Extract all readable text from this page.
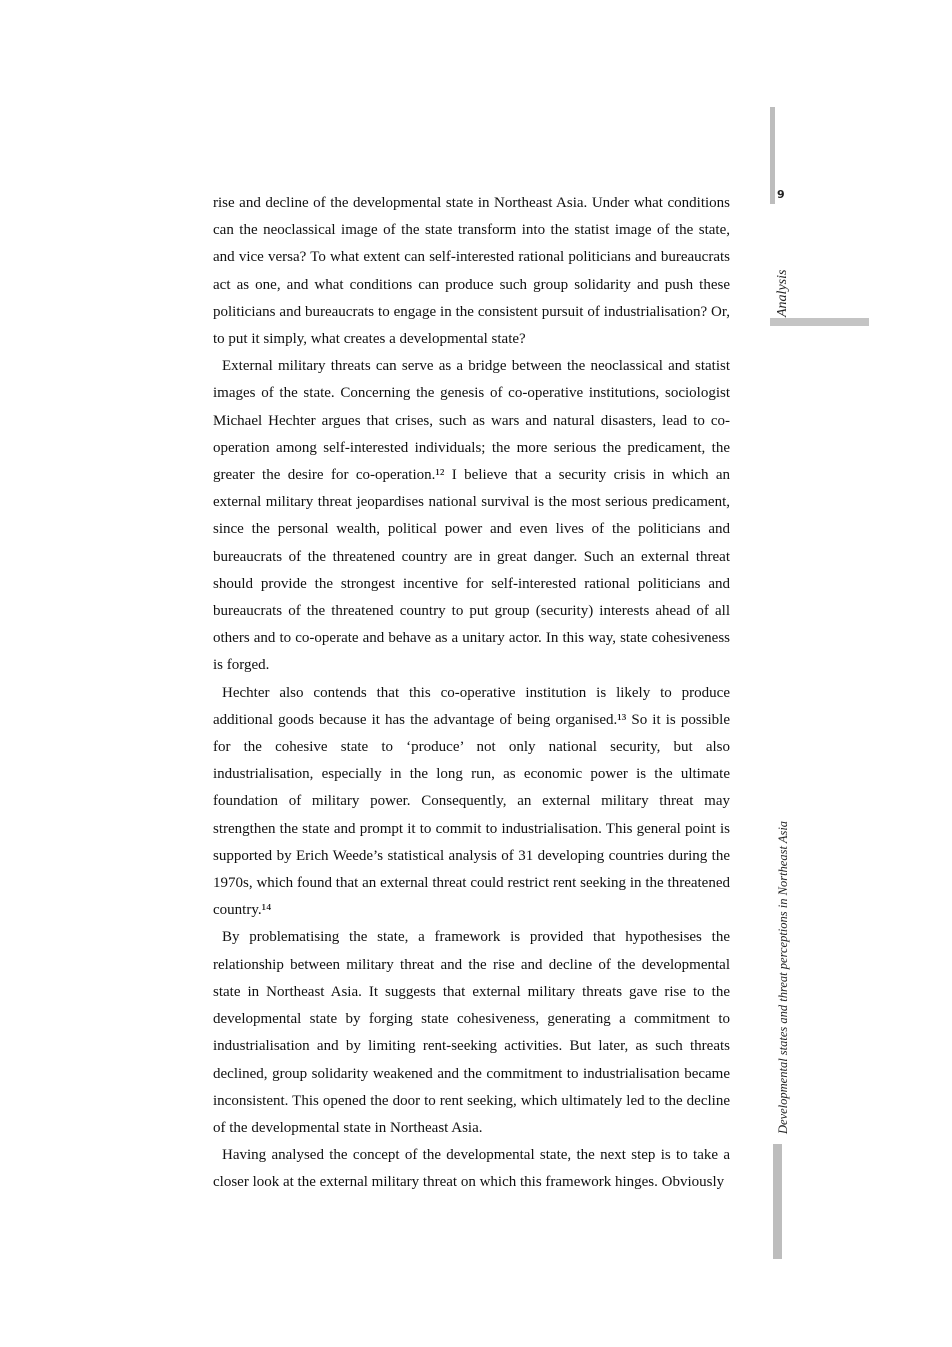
9
Analysis
Developmental states and threat perceptions in Northeast Asia

rise and decline of the developmental state in Northeast Asia. Under what conditions can the neoclassical image of the state transform into the statist image of the state, and vice versa? To what extent can self-interested rational politicians and bureaucrats act as one, and what conditions can produce such group solidarity and push these politicians and bureaucrats to engage in the consistent pursuit of industrialisation? Or, to put it simply, what creates a developmental state?

External military threats can serve as a bridge between the neoclassical and statist images of the state. Concerning the genesis of co-operative institutions, sociologist Michael Hechter argues that crises, such as wars and natural disasters, lead to co-operation among self-interested individuals; the more serious the predicament, the greater the desire for co-operation.¹² I believe that a security crisis in which an external military threat jeopardises national survival is the most serious predicament, since the personal wealth, political power and even lives of the politicians and bureaucrats of the threatened country are in great danger. Such an external threat should provide the strongest incentive for self-interested rational politicians and bureaucrats of the threatened country to put group (security) interests ahead of all others and to co-operate and behave as a unitary actor. In this way, state cohesiveness is forged.

Hechter also contends that this co-operative institution is likely to produce additional goods because it has the advantage of being organised.¹³ So it is possible for the cohesive state to ‘produce’ not only national security, but also industrialisation, especially in the long run, as economic power is the ultimate foundation of military power. Consequently, an external military threat may strengthen the state and prompt it to commit to industrialisation. This general point is supported by Erich Weede’s statistical analysis of 31 developing countries during the 1970s, which found that an external threat could restrict rent seeking in the threatened country.¹⁴

By problematising the state, a framework is provided that hypothesises the relationship between military threat and the rise and decline of the developmental state in Northeast Asia. It suggests that external military threats gave rise to the developmental state by forging state cohesiveness, generating a commitment to industrialisation and by limiting rent-seeking activities. But later, as such threats declined, group solidarity weakened and the commitment to industrialisation became inconsistent. This opened the door to rent seeking, which ultimately led to the decline of the developmental state in Northeast Asia.

Having analysed the concept of the developmental state, the next step is to take a closer look at the external military threat on which this framework hinges. Obviously
